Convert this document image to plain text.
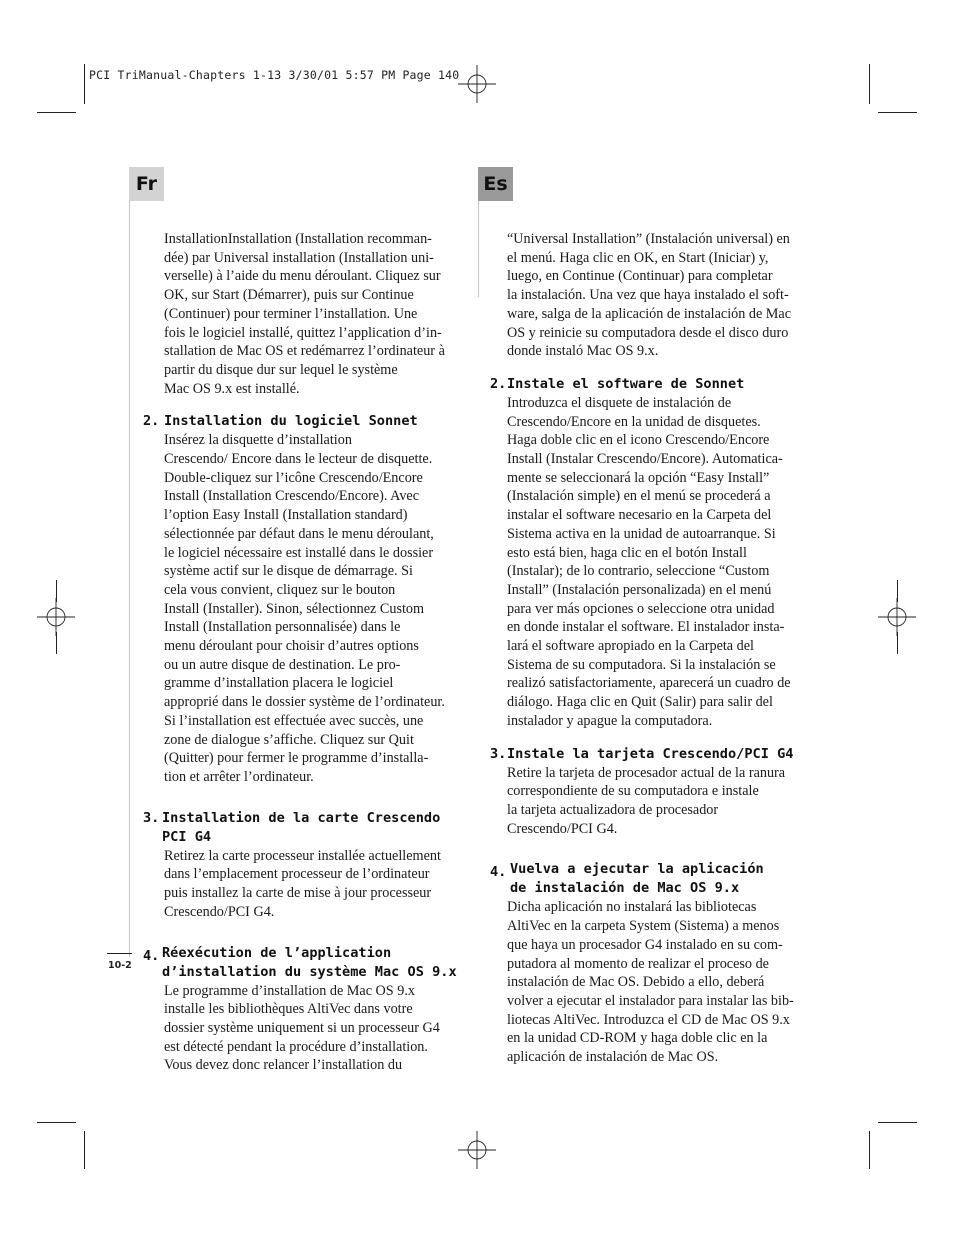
PCI TriManual-Chapters 1-13 3/30/01 5:57 PM Page 140
Fr	Es
InstallationInstallation (Installation recomman-
dée) par Universal installation (Installation uni-
verselle) à l’aide du menu déroulant. Cliquez sur
OK, sur Start (Démarrer), puis sur Continue
(Continuer) pour terminer l’installation. Une
fois le logiciel installé, quittez l’application d’in-
stallation de Mac OS et redémarrez l’ordinateur à
partir du disque dur sur lequel le système
Mac OS 9.x est installé.
2. Installation du logiciel Sonnet
Insérez la disquette d’installation
Crescendo/ Encore dans le lecteur de disquette.
Double-cliquez sur l’icône Crescendo/Encore
Install (Installation Crescendo/Encore). Avec
l’option Easy Install (Installation standard)
sélectionnée par défaut dans le menu déroulant,
le logiciel nécessaire est installé dans le dossier
système actif sur le disque de démarrage. Si
cela vous convient, cliquez sur le bouton
Install (Installer). Sinon, sélectionnez Custom
Install (Installation personnalisée) dans le
menu déroulant pour choisir d’autres options
ou un autre disque de destination. Le pro-
gramme d’installation placera le logiciel
approprié dans le dossier système de l’ordinateur.
Si l’installation est effectuée avec succès, une
zone de dialogue s’affiche. Cliquez sur Quit
(Quitter) pour fermer le programme d’installa-
tion et arrêter l’ordinateur.
3. Installation de la carte Crescendo
PCI G4
Retirez la carte processeur installée actuellement
dans l’emplacement processeur de l’ordinateur
puis installez la carte de mise à jour processeur
Crescendo/PCI G4.
4. Réexécution de l’application
d’installation du système Mac OS 9.x
Le programme d’installation de Mac OS 9.x
installe les bibliothèques AltiVec dans votre
dossier système uniquement si un processeur G4
est détecté pendant la procédure d’installation.
Vous devez donc relancer l’installation du
“Universal Installation” (Instalación universal) en
el menú. Haga clic en OK, en Start (Iniciar) y,
luego, en Continue (Continuar) para completar
la instalación. Una vez que haya instalado el soft-
ware, salga de la aplicación de instalación de Mac
OS y reinicie su computadora desde el disco duro
donde instaló Mac OS 9.x.
2. Instale el software de Sonnet
Introduzca el disquete de instalación de
Crescendo/Encore en la unidad de disquetes.
Haga doble clic en el icono Crescendo/Encore
Install (Instalar Crescendo/Encore). Automatica-
mente se seleccionará la opción “Easy Install”
(Instalación simple) en el menú se procederá a
instalar el software necesario en la Carpeta del
Sistema activa en la unidad de autoarranque. Si
esto está bien, haga clic en el botón Install
(Instalar); de lo contrario, seleccione “Custom
Install” (Instalación personalizada) en el menú
para ver más opciones o seleccione otra unidad
en donde instalar el software. El instalador insta-
lará el software apropiado en la Carpeta del
Sistema de su computadora. Si la instalación se
realizó satisfactoriamente, aparecerá un cuadro de
diálogo. Haga clic en Quit (Salir) para salir del
instalador y apague la computadora.
3. Instale la tarjeta Crescendo/PCI G4
Retire la tarjeta de procesador actual de la ranura
correspondiente de su computadora e instale
la tarjeta actualizadora de procesador
Crescendo/PCI G4.
4. Vuelva a ejecutar la aplicación
de instalación de Mac OS 9.x
Dicha aplicación no instalará las bibliotecas
AltiVec en la carpeta System (Sistema) a menos
que haya un procesador G4 instalado en su com-
putadora al momento de realizar el proceso de
instalación de Mac OS. Debido a ello, deberá
volver a ejecutar el instalador para instalar las bib-
liotecas AltiVec. Introduzca el CD de Mac OS 9.x
en la unidad CD-ROM y haga doble clic en la
aplicación de instalación de Mac OS.
10-2
